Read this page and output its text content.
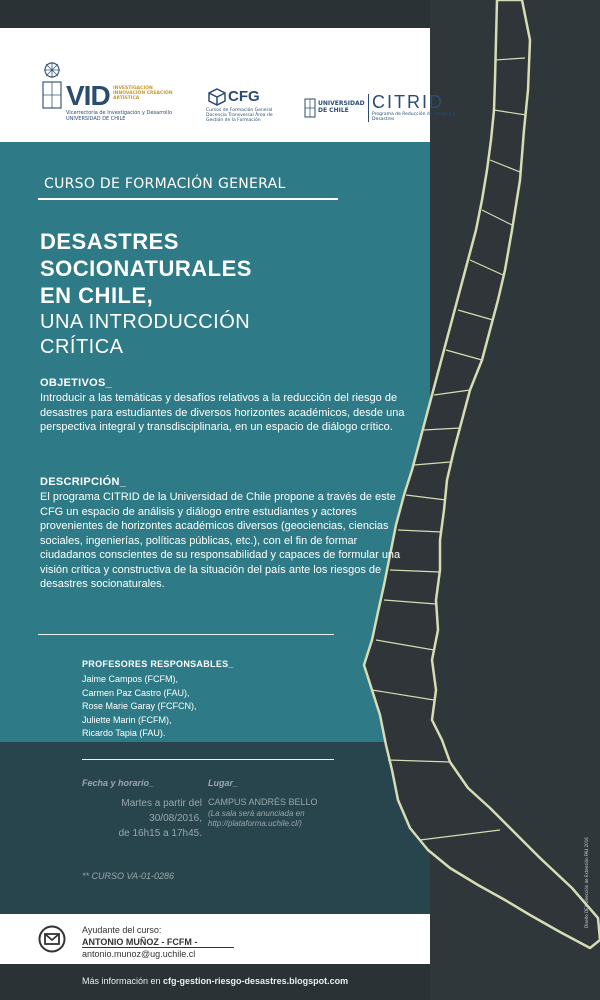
VID INVESTIGACIÓN INNOVACIÓN CREACIÓN ARTÍSTICA
Vicerrectoría de Investigación y Desarrollo UNIVERSIDAD DE CHILE
CFG
Cursos de Formación General Docencia Transversal Área de Gestión de la Formación
UNIVERSIDAD DE CHILE	CITRID
Programa de Reducción de Riesgos y Desastres
CURSO DE FORMACIÓN GENERAL
DESASTRES
SOCIONATURALES
EN CHILE,
UNA INTRODUCCIÓN
CRÍTICA
OBJETIVOS_
Introducir a las temáticas y desafíos relativos a la reducción del riesgo de desastres para estudiantes de diversos horizontes académicos, desde una perspectiva integral y transdisciplinaria, en un espacio de diálogo crítico.
DESCRIPCIÓN_
El programa CITRID de la Universidad de Chile propone a través de este CFG un espacio de análisis y diálogo entre estudiantes y actores provenientes de horizontes académicos diversos (geociencias, ciencias sociales, ingenierías, políticas públicas, etc.), con el fin de formar ciudadanos conscientes de su responsabilidad y capaces de formular una visión crítica y constructiva de la situación del país ante los riesgos de desastres socionaturales.
PROFESORES RESPONSABLES_
Jaime Campos (FCFM),
Carmen Paz Castro (FAU),
Rose Marie Garay (FCFCN),
Juliette Marin (FCFM),
Ricardo Tapia (FAU).
Fecha y horario_
Martes a partir del
30/08/2016,
de 16h15 a 17h45.
Lugar_
CAMPUS ANDRÉS BELLO
(La sala será anunciada en
http://plataforma.uchile.cl/)
** CURSO VA-01-0286
Ayudante del curso:
ANTONIO MUÑOZ - FCFM -
antonio.munoz@ug.uchile.cl
Más información en cfg-gestion-riesgo-desastres.blogspot.com
Diseño DEX·Dirección de Extensión FAU 2016
